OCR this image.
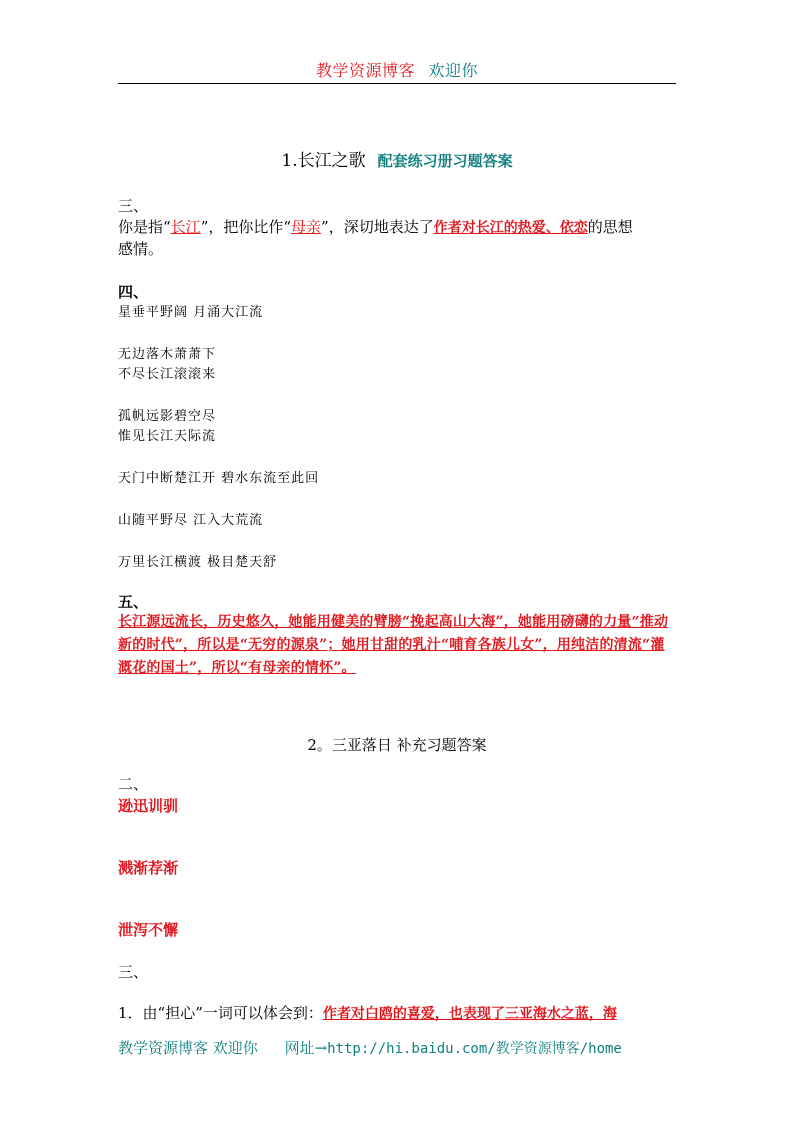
教学资源博客 欢迎你
1.长江之歌 配套练习册习题答案
三、
你是指“长江”，把你比作“母亲”，深切地表达了作者对长江的热爱、依恋的思想
感情。
四、
星垂平野阔 月涌大江流
无边落木萧萧下
不尽长江滚滚来
孤帆远影碧空尽
惟见长江天际流
天门中断楚江开 碧水东流至此回
山随平野尽 江入大荒流
万里长江横渡 极目楚天舒
五、
长江源远流长，历史悠久，她能用健美的臂膀“挽起高山大海”，她能用磅礴的力量“推动新的时代”，所以是“无穷的源泉”；她用甘甜的乳汁“哺育各族儿女”，用纯洁的清流“灌溉花的国土”，所以“有母亲的情怀”。
2。三亚落日 补充习题答案
二、
逊迅训驯
溅渐荐渐
泄泻不懈
三、
1．由“担心”一词可以体会到：作者对白鸥的喜爱，也表现了三亚海水之蓝，海
教学资源博客 欢迎你 网址→http://hi.baidu.com/教学资源博客/home
